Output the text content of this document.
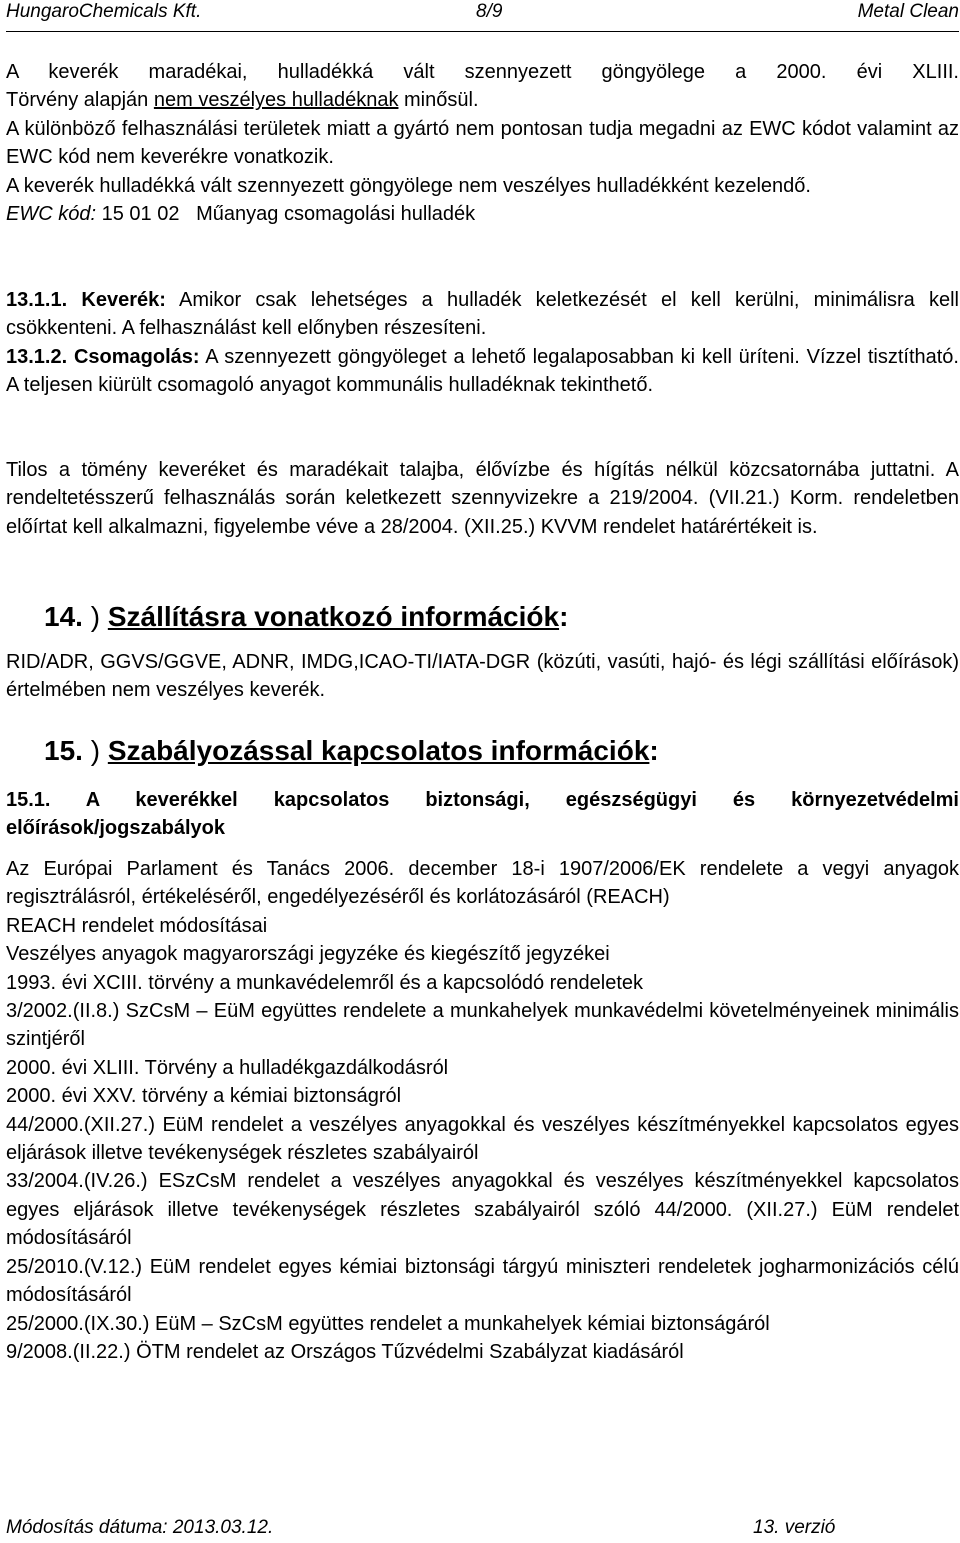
HungaroChemicals Kft.	8/9	Metal Clean

A keverék maradékai, hulladékká vált szennyezett göngyölege a 2000. évi XLIII.

Törvény alapján nem veszélyes hulladéknak minősül.

A különböző felhasználási területek miatt a gyártó nem pontosan tudja megadni az EWC kódot valamint az EWC kód nem keverékre vonatkozik.

A keverék hulladékká vált szennyezett göngyölege nem veszélyes hulladékként kezelendő.

EWC kód: 15 01 02 Műanyag csomagolási hulladék

13.1.1. Keverék: Amikor csak lehetséges a hulladék keletkezését el kell kerülni, minimálisra kell csökkenteni. A felhasználást kell előnyben részesíteni.

13.1.2. Csomagolás: A szennyezett göngyöleget a lehető legalaposabban ki kell üríteni. Vízzel tisztítható. A teljesen kiürült csomagoló anyagot kommunális hulladéknak tekinthető.

Tilos a tömény keveréket és maradékait talajba, élővízbe és hígítás nélkül közcsatornába juttatni. A rendeltetésszerű felhasználás során keletkezett szennyvizekre a 219/2004. (VII.21.) Korm. rendeletben előírtat kell alkalmazni, figyelembe véve a 28/2004. (XII.25.) KVVM rendelet határértékeit is.

14. ) Szállításra vonatkozó információk:

RID/ADR, GGVS/GGVE, ADNR, IMDG,ICAO-TI/IATA-DGR (közúti, vasúti, hajó- és légi szállítási előírások) értelmében nem veszélyes keverék.

15. ) Szabályozással kapcsolatos információk:

15.1. A keverékkel kapcsolatos biztonsági, egészségügyi és környezetvédelmi előírások/jogszabályok

Az Európai Parlament és Tanács 2006. december 18-i 1907/2006/EK rendelete a vegyi anyagok regisztrálásról, értékeléséről, engedélyezéséről és korlátozásáról (REACH)

REACH rendelet módosításai

Veszélyes anyagok magyarországi jegyzéke és kiegészítő jegyzékei

1993. évi XCIII. törvény a munkavédelemről és a kapcsolódó rendeletek

3/2002.(II.8.) SzCsM – EüM együttes rendelete a munkahelyek munkavédelmi követelményeinek minimális szintjéről

2000. évi XLIII. Törvény a hulladékgazdálkodásról

2000. évi XXV. törvény a kémiai biztonságról

44/2000.(XII.27.) EüM rendelet a veszélyes anyagokkal és veszélyes készítményekkel kapcsolatos egyes eljárások illetve tevékenységek részletes szabályairól

33/2004.(IV.26.) ESzCsM rendelet a veszélyes anyagokkal és veszélyes készítményekkel kapcsolatos egyes eljárások illetve tevékenységek részletes szabályairól szóló 44/2000. (XII.27.) EüM rendelet módosításáról

25/2010.(V.12.) EüM rendelet egyes kémiai biztonsági tárgyú miniszteri rendeletek jogharmonizációs célú módosításáról

25/2000.(IX.30.) EüM – SzCsM együttes rendelet a munkahelyek kémiai biztonságáról

9/2008.(II.22.) ÖTM rendelet az Országos Tűzvédelmi Szabályzat kiadásáról

Módosítás dátuma: 2013.03.12.	13. verzió
